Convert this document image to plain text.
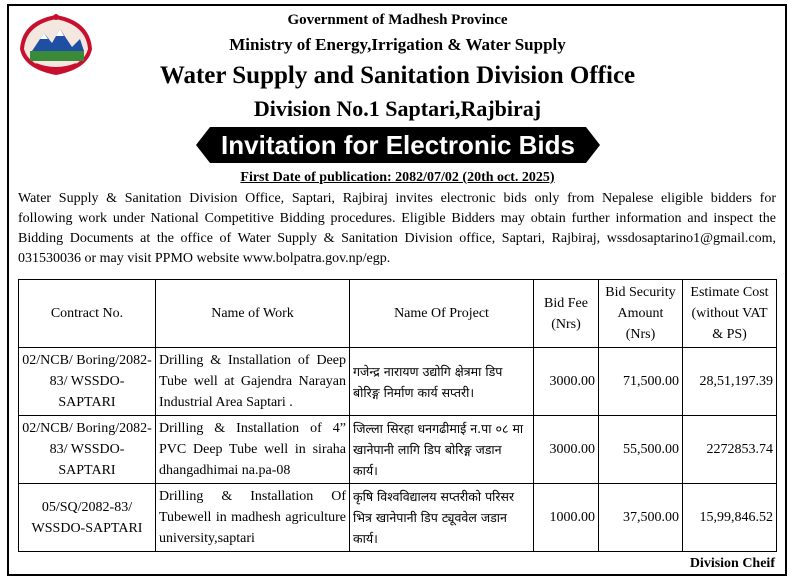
Government of Madhesh Province
Ministry of Energy,Irrigation & Water Supply
Water Supply and Sanitation Division Office
Division No.1 Saptari,Rajbiraj
Invitation for Electronic Bids
First Date of publication: 2082/07/02 (20th oct. 2025)
Water Supply & Sanitation Division Office, Saptari, Rajbiraj invites electronic bids only from Nepalese eligible bidders for
following work under National Competitive Bidding procedures. Eligible Bidders may obtain further information and inspect the
Bidding Documents at the office of Water Supply & Sanitation Division office, Saptari, Rajbiraj, wssdosaptarino1@gmail.com,
031530036 or may visit PPMO website www.bolpatra.gov.np/egp.
Contract No.	Name of Work	Name Of Project	Bid Fee (Nrs)	Bid Security Amount (Nrs)	Estimate Cost (without VAT & PS)
02/NCB/ Boring/2082-83/ WSSDO-SAPTARI	Drilling & Installation of Deep Tube well at Gajendra Narayan Industrial Area Saptari .	गजेन्द्र नारायण उद्योगि क्षेत्रमा डिप बोरिङ्ग निर्माण कार्य सप्तरी।	3000.00	71,500.00	28,51,197.39
02/NCB/ Boring/2082-83/ WSSDO-SAPTARI	Drilling & Installation of 4” PVC Deep Tube well in siraha dhangadhimai na.pa-08	जिल्ला सिरहा धनगढीमाई न.पा ०८ मा खानेपानी लागि डिप बोरिङ्ग जडान कार्य।	3000.00	55,500.00	2272853.74
05/SQ/2082-83/ WSSDO-SAPTARI	Drilling & Installation Of Tubewell in madhesh agriculture university,saptari	कृषि विश्वविद्यालय सप्तरीको परिसर भित्र खानेपानी डिप ट्यूववेल जडान कार्य।	1000.00	37,500.00	15,99,846.52
Division Cheif
